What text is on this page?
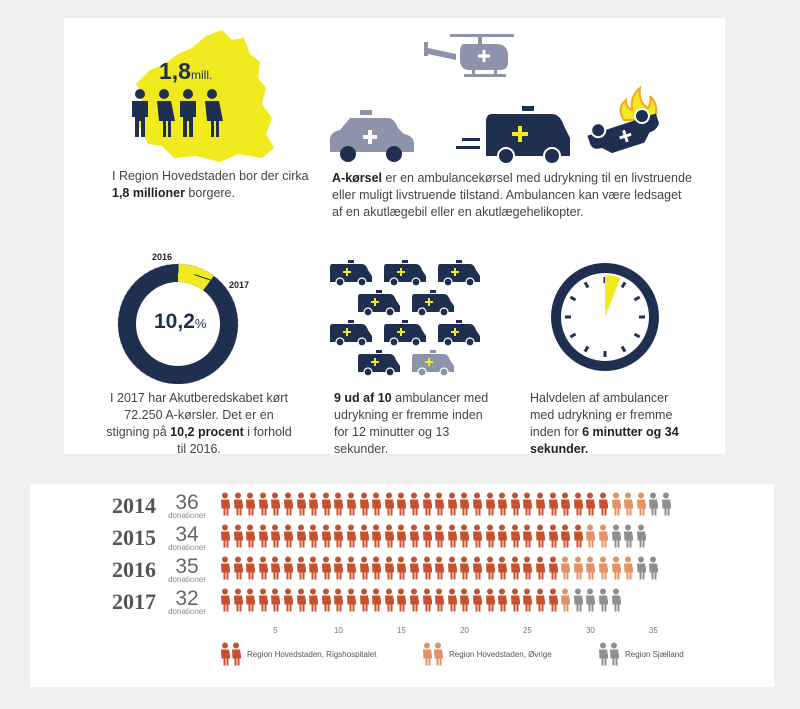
1,8mill.
I Region Hovedstaden bor der cirka 1,8 millioner borgere.
A-kørsel er en ambulancekørsel med udrykning til en livstruende eller muligt livstruende tilstand. Ambulancen kan være ledsaget af en akutlægebil eller en akutlægehelikopter.
2016
2017
10,2%
I 2017 har Akutberedskabet kørt 72.250 A-kørsler. Det er en stigning på 10,2 procent i forhold til 2016.
9 ud af 10 ambulancer med udrykning er fremme inden for 12 minutter og 13 sekunder.
Halvdelen af ambulancer med udrykning er fremme inden for 6 minutter og 34 sekunder.
2014 36
donationer
2015 34
donationer
2016 35
donationer
2017 32
donationer
5	10	15	20	25	30	35
Region Hovedstaden, Rigshospitalet	Region Hovedstaden, Øvrige	Region Sjælland
